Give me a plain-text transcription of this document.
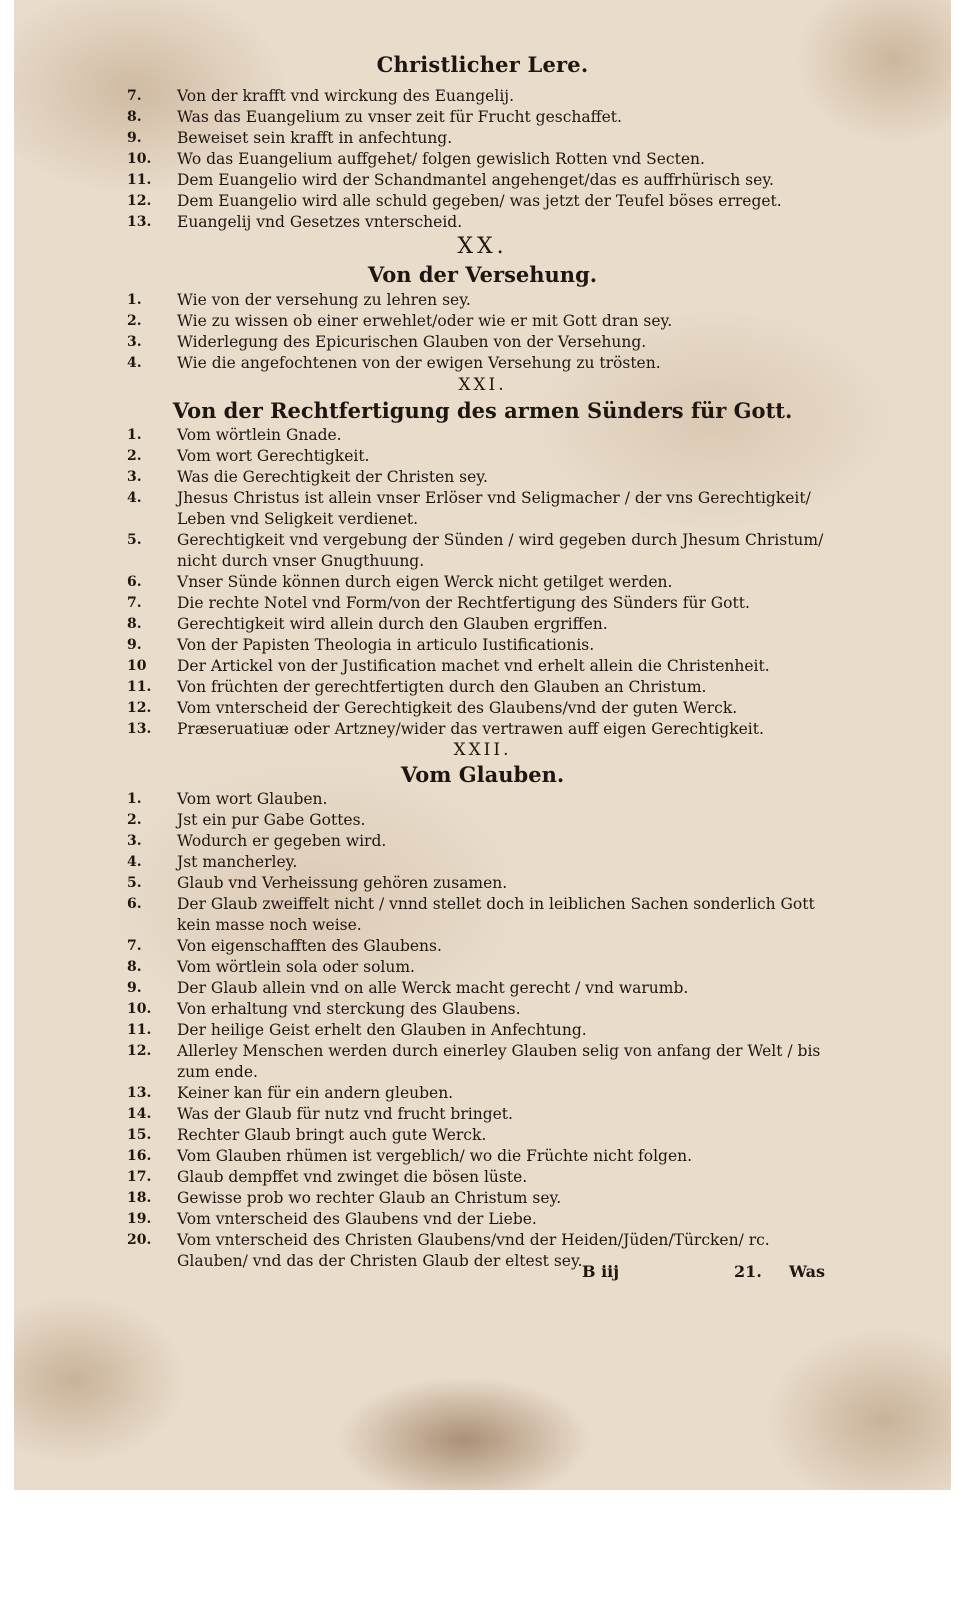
Christlicher Lere.
7.	Von der krafft vnd wirckung des Euangelij.
8.	Was das Euangelium zu vnser zeit für Frucht geschaffet.
9.	Beweiset sein krafft in anfechtung.
10.	Wo das Euangelium auffgehet/ folgen gewislich Rotten vnd Secten.
11.	Dem Euangelio wird der Schandmantel angehenget/das es auffrhürisch sey.
12.	Dem Euangelio wird alle schuld gegeben/ was jetzt der Teufel böses erreget.
13.	Euangelij vnd Gesetzes vnterscheid.
XX.
Von der Versehung.
1.	Wie von der versehung zu lehren sey.
2.	Wie zu wissen ob einer erwehlet/oder wie er mit Gott dran sey.
3.	Widerlegung des Epicurischen Glauben von der Versehung.
4.	Wie die angefochtenen von der ewigen Versehung zu trösten.
XXI.
Von der Rechtfertigung des armen Sünders für Gott.
1.	Vom wörtlein Gnade.
2.	Vom wort Gerechtigkeit.
3.	Was die Gerechtigkeit der Christen sey.
4.	Jhesus Christus ist allein vnser Erlöser vnd Seligmacher / der vns Gerechtigkeit/ Leben vnd Seligkeit verdienet.
5.	Gerechtigkeit vnd vergebung der Sünden / wird gegeben durch Jhesum Christum/ nicht durch vnser Gnugthuung.
6.	Vnser Sünde können durch eigen Werck nicht getilget werden.
7.	Die rechte Notel vnd Form/von der Rechtfertigung des Sünders für Gott.
8.	Gerechtigkeit wird allein durch den Glauben ergriffen.
9.	Von der Papisten Theologia in articulo Iustificationis.
10	Der Artickel von der Justification machet vnd erhelt allein die Christenheit.
11.	Von früchten der gerechtfertigten durch den Glauben an Christum.
12.	Vom vnterscheid der Gerechtigkeit des Glaubens/vnd der guten Werck.
13.	Præseruatiuæ oder Artzney/wider das vertrawen auff eigen Gerechtigkeit.
XXII.
Vom Glauben.
1.	Vom wort Glauben.
2.	Jst ein pur Gabe Gottes.
3.	Wodurch er gegeben wird.
4.	Jst mancherley.
5.	Glaub vnd Verheissung gehören zusamen.
6.	Der Glaub zweiffelt nicht / vnnd stellet doch in leiblichen Sachen sonderlich Gott kein masse noch weise.
7.	Von eigenschafften des Glaubens.
8.	Vom wörtlein sola oder solum.
9.	Der Glaub allein vnd on alle Werck macht gerecht / vnd warumb.
10.	Von erhaltung vnd sterckung des Glaubens.
11.	Der heilige Geist erhelt den Glauben in Anfechtung.
12.	Allerley Menschen werden durch einerley Glauben selig von anfang der Welt / bis zum ende.
13.	Keiner kan für ein andern gleuben.
14.	Was der Glaub für nutz vnd frucht bringet.
15.	Rechter Glaub bringt auch gute Werck.
16.	Vom Glauben rhümen ist vergeblich/ wo die Früchte nicht folgen.
17.	Glaub dempffet vnd zwinget die bösen lüste.
18.	Gewisse prob wo rechter Glaub an Christum sey.
19.	Vom vnterscheid des Glaubens vnd der Liebe.
20.	Vom vnterscheid des Christen Glaubens/vnd der Heiden/Jüden/Türcken/ rc. Glauben/ vnd das der Christen Glaub der eltest sey.
B iij	21. Was
